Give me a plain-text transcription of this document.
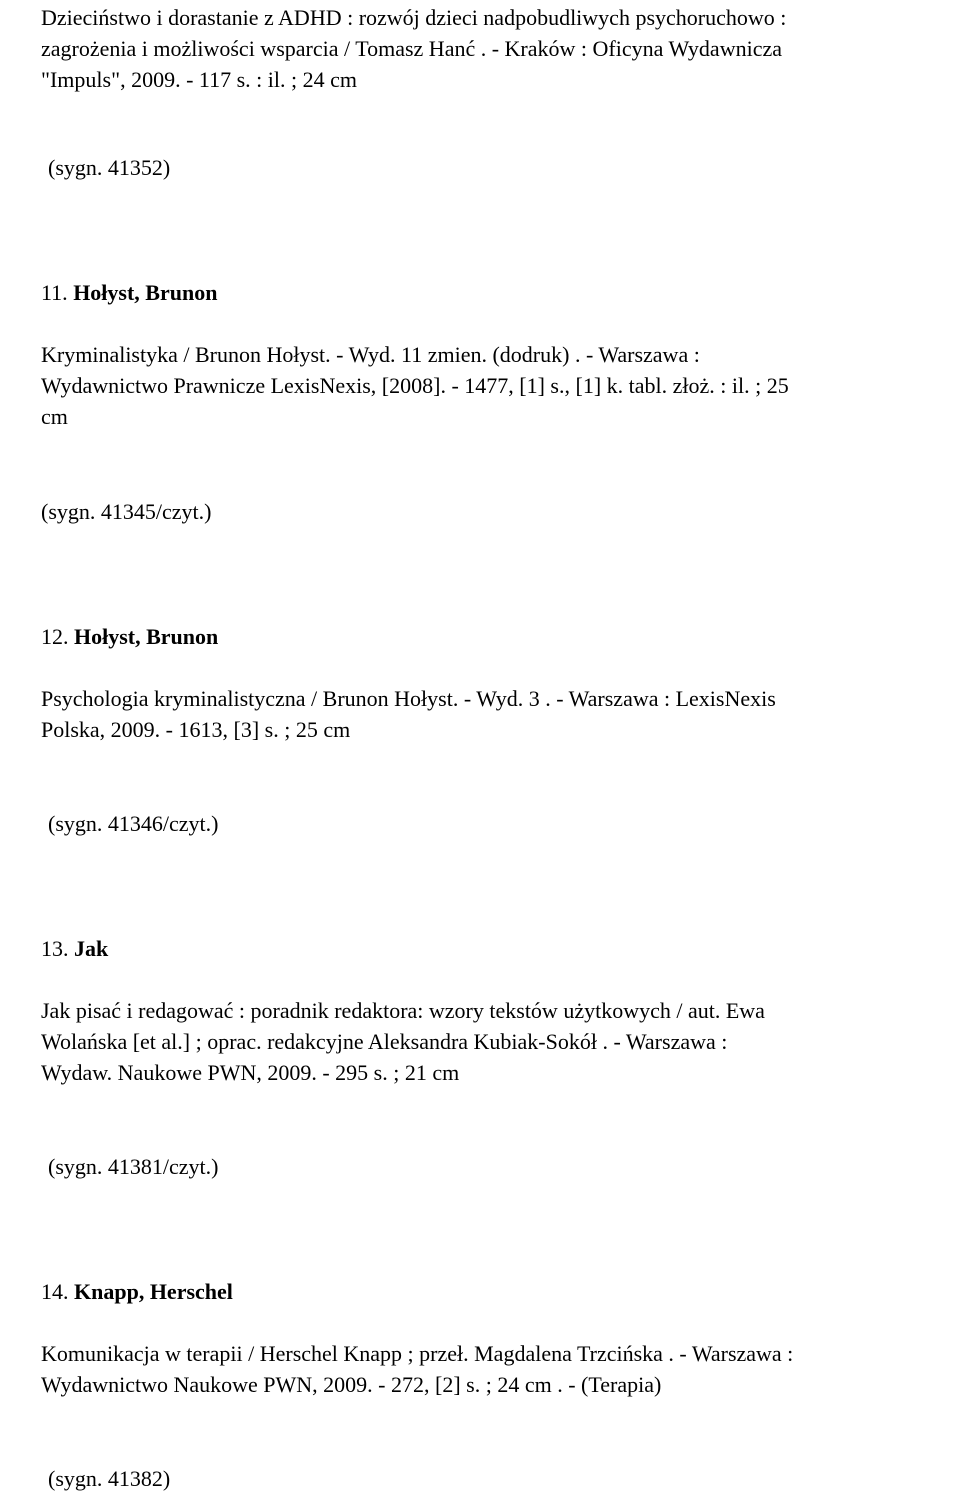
Dzieciństwo i dorastanie z ADHD : rozwój dzieci nadpobudliwych psychoruchowo :
zagrożenia i możliwości wsparcia / Tomasz Hanć . - Kraków : Oficyna Wydawnicza
"Impuls", 2009. - 117 s. : il. ; 24 cm
(sygn. 41352)
11. Hołyst, Brunon
Kryminalistyka / Brunon Hołyst. - Wyd. 11 zmien. (dodruk) . - Warszawa :
Wydawnictwo Prawnicze LexisNexis, [2008]. - 1477, [1] s., [1] k. tabl. złoż. : il. ; 25
cm
(sygn. 41345/czyt.)
12. Hołyst, Brunon
Psychologia kryminalistyczna / Brunon Hołyst. - Wyd. 3 . - Warszawa : LexisNexis
Polska, 2009. - 1613, [3] s. ; 25 cm
(sygn. 41346/czyt.)
13. Jak
Jak pisać i redagować : poradnik redaktora: wzory tekstów użytkowych / aut. Ewa
Wolańska [et al.] ; oprac. redakcyjne Aleksandra Kubiak-Sokół . - Warszawa :
Wydaw. Naukowe PWN, 2009. - 295 s. ; 21 cm
(sygn. 41381/czyt.)
14. Knapp, Herschel
Komunikacja w terapii / Herschel Knapp ; przeł. Magdalena Trzcińska . - Warszawa :
Wydawnictwo Naukowe PWN, 2009. - 272, [2] s. ; 24 cm . - (Terapia)
(sygn. 41382)
